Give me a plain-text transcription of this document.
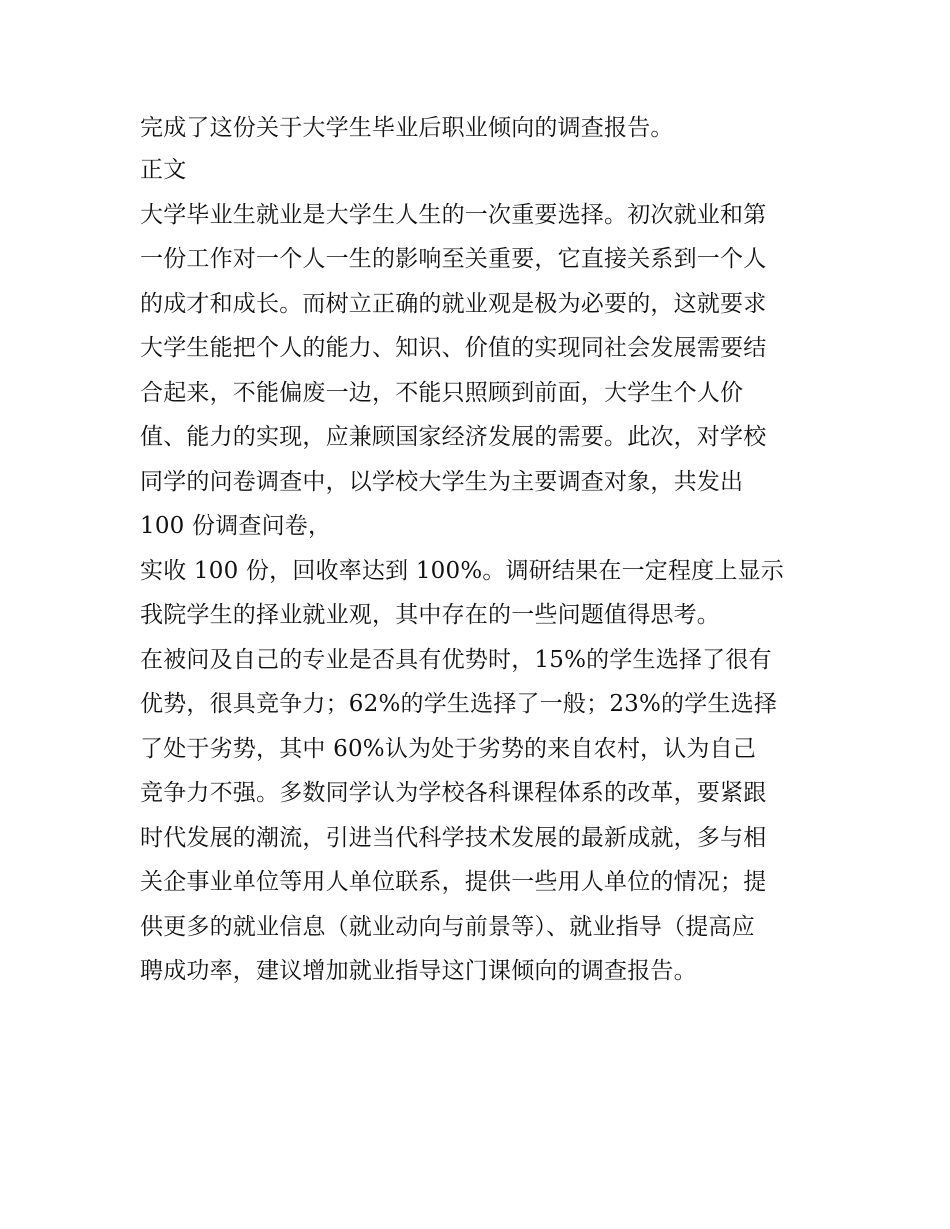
完成了这份关于大学生毕业后职业倾向的调查报告。
正文
大学毕业生就业是大学生人生的一次重要选择。初次就业和第
一份工作对一个人一生的影响至关重要，它直接关系到一个人
的成才和成长。而树立正确的就业观是极为必要的，这就要求
大学生能把个人的能力、知识、价值的实现同社会发展需要结
合起来，不能偏废一边，不能只照顾到前面，大学生个人价
值、能力的实现，应兼顾国家经济发展的需要。此次，对学校
同学的问卷调查中，以学校大学生为主要调查对象，共发出
100 份调查问卷，
实收 100 份，回收率达到 100%。调研结果在一定程度上显示
我院学生的择业就业观，其中存在的一些问题值得思考。
在被问及自己的专业是否具有优势时，15%的学生选择了很有
优势，很具竞争力；62%的学生选择了一般；23%的学生选择
了处于劣势，其中 60%认为处于劣势的来自农村，认为自己
竞争力不强。多数同学认为学校各科课程体系的改革，要紧跟
时代发展的潮流，引进当代科学技术发展的最新成就，多与相
关企事业单位等用人单位联系，提供一些用人单位的情况；提
供更多的就业信息（就业动向与前景等）、就业指导（提高应
聘成功率，建议增加就业指导这门课倾向的调查报告。
